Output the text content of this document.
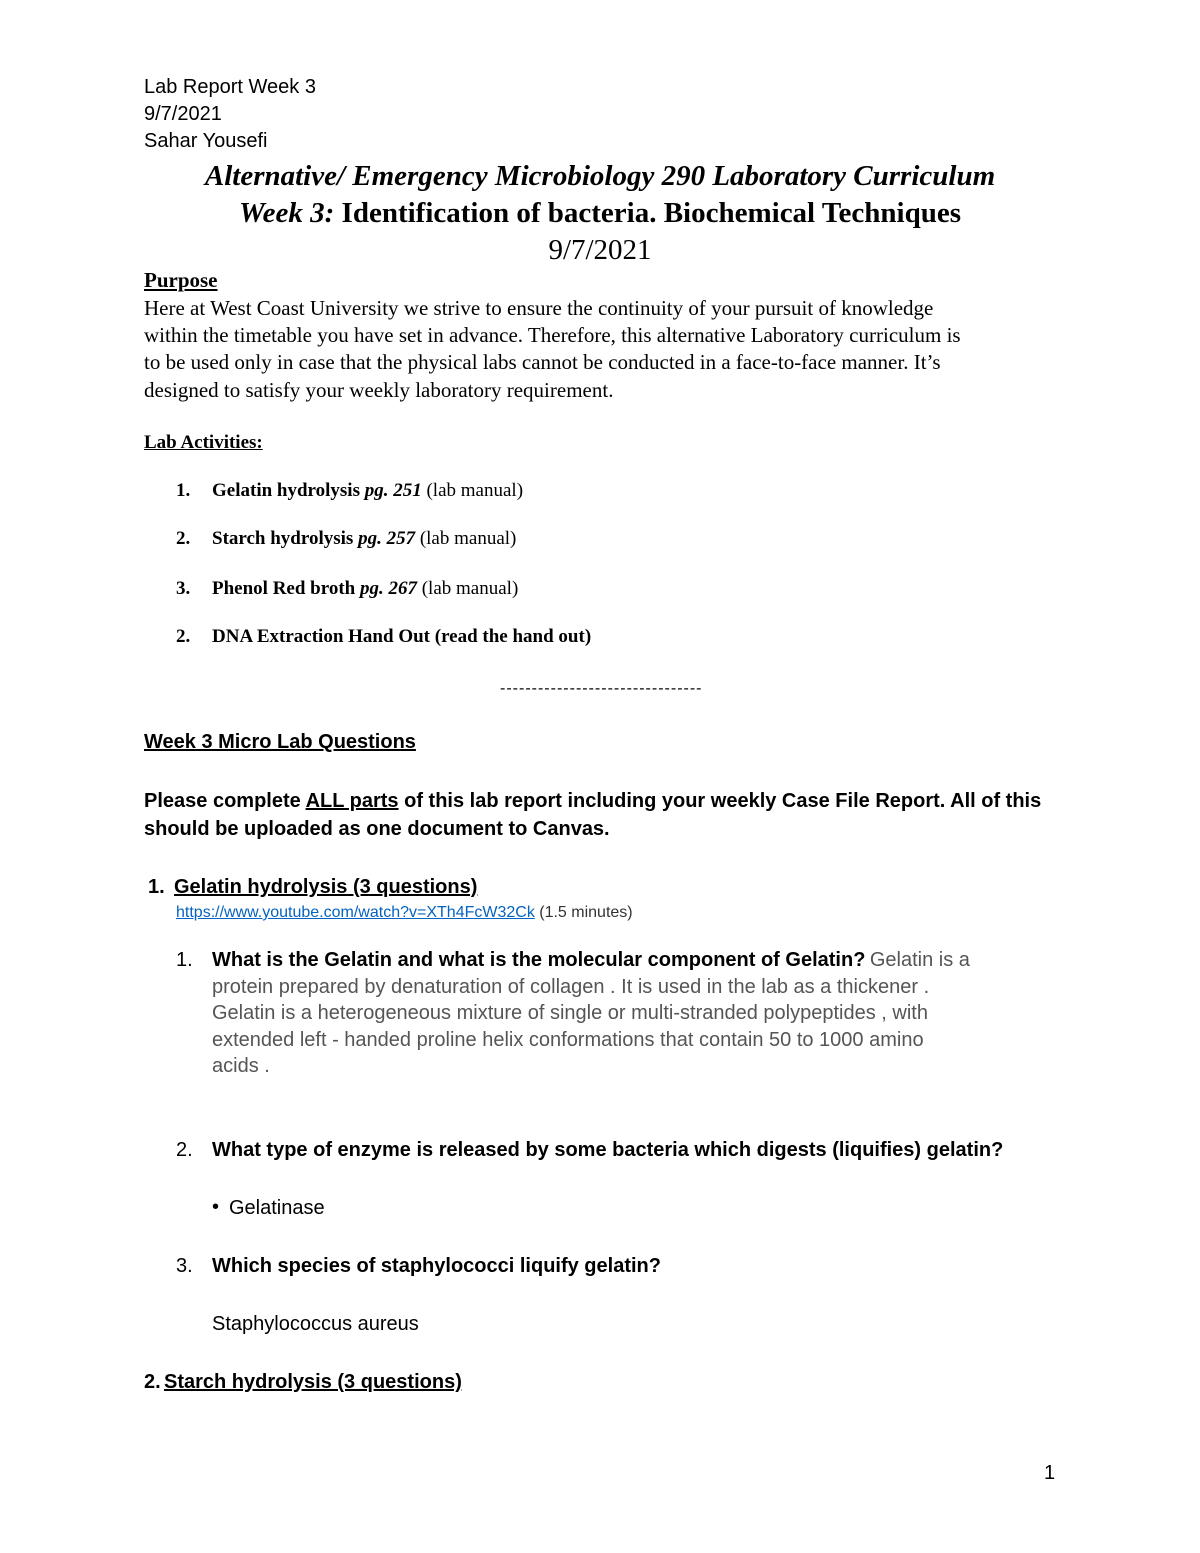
Lab Report Week 3
9/7/2021
Sahar Yousefi
Alternative/ Emergency Microbiology 290 Laboratory Curriculum
Week 3: Identification of bacteria. Biochemical Techniques
9/7/2021
Purpose
Here at West Coast University we strive to ensure the continuity of your pursuit of knowledge
within the timetable you have set in advance. Therefore, this alternative Laboratory curriculum is
to be used only in case that the physical labs cannot be conducted in a face-to-face manner. It’s
designed to satisfy your weekly laboratory requirement.
Lab Activities:
1. Gelatin hydrolysis pg. 251 (lab manual)
2. Starch hydrolysis pg. 257 (lab manual)
3. Phenol Red broth pg. 267 (lab manual)
2. DNA Extraction Hand Out (read the hand out)
--------------------------------
Week 3 Micro Lab Questions
Please complete ALL parts of this lab report including your weekly Case File Report. All of this
should be uploaded as one document to Canvas.
1. Gelatin hydrolysis (3 questions)
https://www.youtube.com/watch?v=XTh4FcW32Ck (1.5 minutes)
1. What is the Gelatin and what is the molecular component of Gelatin? Gelatin is a
protein prepared by denaturation of collagen . It is used in the lab as a thickener .
Gelatin is a heterogeneous mixture of single or multi-stranded polypeptides , with
extended left - handed proline helix conformations that contain 50 to 1000 amino
acids .
2. What type of enzyme is released by some bacteria which digests (liquifies) gelatin?
• Gelatinase
3. Which species of staphylococci liquify gelatin?
Staphylococcus aureus
2. Starch hydrolysis (3 questions)
1
